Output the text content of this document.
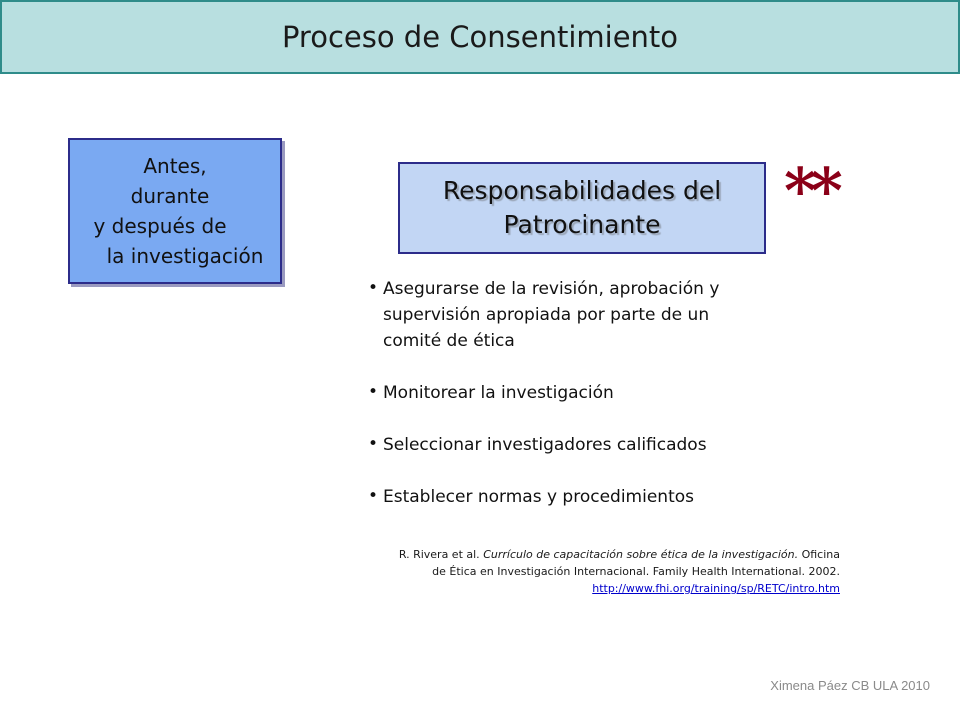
Proceso de Consentimiento
Antes,
durante
y después de
la investigación
Responsabilidades del
Patrocinante **
• Asegurarse de la revisión, aprobación y
supervisión apropiada por parte de un
comité de ética
• Monitorear la investigación
• Seleccionar investigadores calificados
• Establecer normas y procedimientos
R. Rivera et al. Currículo de capacitación sobre ética de la investigación. Oficina
de Ética en Investigación Internacional. Family Health International. 2002.
http://www.fhi.org/training/sp/RETC/intro.htm
Ximena Páez CB ULA 2010
